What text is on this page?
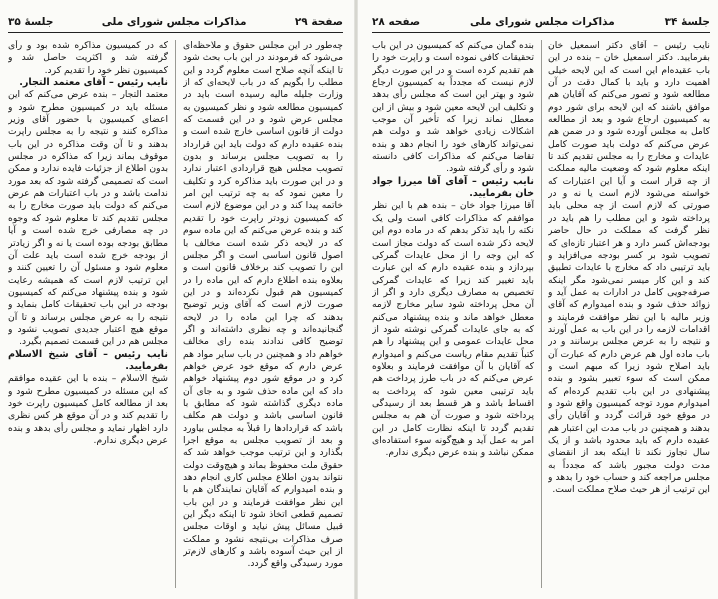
صفحة ۲۹
مذاکرات مجلس شورای ملی
جلسهٔ ۳۵

چه‌طور در این مجلس حقوق و ملاحظه‌ای می‌شود که فرمودند در این باب بحث شود تا اینکه آنچه صلاح است معلوم گردد و این مطلب را بگویم که در باب لایحه‌ای که از وزارت جلیله مالیه رسیده است باید در کمیسیون مطالعه شود و نظر کمیسیون به مجلس عرض شود و در این قسمت که دولت از قانون اساسی خارج شده است و بنده عقیده دارم که دولت باید این قرارداد را به تصویب مجلس برساند و بدون تصویب مجلس هیچ قراردادی اعتبار ندارد و در این صورت باید مذاکره کرد و تکلیف را معین نمود که به چه ترتیب این امر خاتمه پیدا کند و در این موضوع لازم است که کمیسیون زودتر راپرت خود را تقدیم کند و بنده عرض می‌کنم که این ماده سوم که در لایحه ذکر شده است مخالف با اصول قانون اساسی است و اگر مجلس این را تصویب کند برخلاف قانون است و بعلاوه بنده اطلاع دارم که این ماده را در کمیسیون هم قبول نکرده‌اند و در این صورت لازم است که آقای وزیر توضیح بدهند که چرا این ماده را در لایحه گنجانیده‌اند و چه نظری داشته‌اند و اگر توضیح کافی ندادند بنده رای مخالف خواهم داد و همچنین در باب سایر مواد هم عرض دارم که موقع خود عرض خواهم کرد و در موقع شور دوم پیشنهاد خواهم داد که این ماده حذف شود و به جای آن ماده دیگری گذاشته شود که مطابق با قانون اساسی باشد و دولت هم مکلف باشد که قراردادها را قبلاً به مجلس بیاورد و بعد از تصویب مجلس به موقع اجرا بگذارد و این ترتیب موجب خواهد شد که حقوق ملت محفوظ بماند و هیچ‌وقت دولت نتواند بدون اطلاع مجلس کاری انجام دهد و بنده امیدوارم که آقایان نمایندگان هم با این نظر موافقت فرمایند و در این باب تصمیم قطعی اتخاذ شود تا اینکه دیگر این قبیل مسائل پیش نیاید و اوقات مجلس صرف مذاکرات بی‌نتیجه نشود و مملکت از این حیث آسوده باشد و کارهای لازم‌تر مورد رسیدگی واقع گردد.

که در کمیسیون مذاکره شده بود و رأی گرفته شد و اکثریت حاصل شد و کمیسیون نظر خود را تقدیم کرد.

نایب رئیس – آقای معتمد التجار.

معتمد التجار – بنده عرض می‌کنم که این مسئله باید در کمیسیون مطرح شود و اعضای کمیسیون با حضور آقای وزیر مذاکره کنند و نتیجه را به مجلس راپرت بدهند و تا آن وقت مذاکره در این باب موقوف بماند زیرا که مذاکره در مجلس بدون اطلاع از جزئیات فایده ندارد و ممکن است که تصمیمی گرفته شود که بعد مورد ندامت باشد و در باب اعتبارات هم عرض می‌کنم که دولت باید صورت مخارج را به مجلس تقدیم کند تا معلوم شود که وجوه در چه مصارفی خرج شده است و آیا مطابق بودجه بوده است یا نه و اگر زیادتر از بودجه خرج شده است باید علت آن معلوم شود و مسئول آن را تعیین کنند و این ترتیب لازم است که همیشه رعایت شود و بنده پیشنهاد می‌کنم که کمیسیون بودجه در این باب تحقیقات کامل بنماید و نتیجه را به عرض مجلس برساند و تا آن موقع هیچ اعتبار جدیدی تصویب نشود و مجلس هم در این قسمت تصمیم بگیرد.

نایب رئیس – آقای شیخ الاسلام بفرمایید.

شیخ الاسلام – بنده با این عقیده موافقم که این مسئله در کمیسیون مطرح شود و بعد از مطالعه کامل کمیسیون راپرت خود را تقدیم کند و در آن موقع هر کس نظری دارد اظهار نماید و مجلس رأی بدهد و بنده عرض دیگری ندارم.

جلسهٔ ۳۴
مذاکرات مجلس شورای ملی
صفحه ۲۸

نایب رئیس – آقای دکتر اسمعیل خان بفرمایید. دکتر اسمعیل خان – بنده در این باب عقیده‌ام این است که این لایحه خیلی اهمیت دارد و باید با کمال دقت در آن مطالعه شود و تصور می‌کنم که آقایان هم موافق باشند که این لایحه برای شور دوم به کمیسیون ارجاع شود و بعد از مطالعه کامل به مجلس آورده شود و در ضمن هم عرض می‌کنم که دولت باید صورت کامل عایدات و مخارج را به مجلس تقدیم کند تا اینکه معلوم شود که وضعیت مالیه مملکت از چه قرار است و آیا این اعتبارات که خواسته می‌شود لازم است یا نه و در صورتی که لازم است از چه محلی باید پرداخته شود و این مطلب را هم باید در نظر گرفت که مملکت در حال حاضر بودجه‌اش کسر دارد و هر اعتبار تازه‌ای که تصویب شود بر کسر بودجه می‌افزاید و باید ترتیبی داد که مخارج با عایدات تطبیق کند و این کار میسر نمی‌شود مگر اینکه صرفه‌جویی کامل در ادارات به عمل آید و زوائد حذف شود و بنده امیدوارم که آقای وزیر مالیه با این نظر موافقت فرمایند و اقدامات لازمه را در این باب به عمل آورند و نتیجه را به عرض مجلس برسانند و در باب ماده اول هم عرض دارم که عبارت آن باید اصلاح شود زیرا که مبهم است و ممکن است که سوء تعبیر بشود و بنده پیشنهادی در این باب تقدیم کرده‌ام که امیدوارم مورد توجه کمیسیون واقع شود و در موقع خود قرائت گردد و آقایان رأی بدهند و همچنین در باب مدت این اعتبار هم عقیده دارم که باید محدود باشد و از یک سال تجاوز نکند تا اینکه بعد از انقضای مدت دولت مجبور باشد که مجدداً به مجلس مراجعه کند و حساب خود را بدهد و این ترتیب از هر حیث صلاح مملکت است.

بنده گمان می‌کنم که کمیسیون در این باب تحقیقات کافی نموده است و راپرت خود را هم تقدیم کرده است و در این صورت دیگر لازم نیست که مجدداً به کمیسیون ارجاع شود و بهتر این است که مجلس رأی بدهد و تکلیف این لایحه معین شود و بیش از این معطل نماند زیرا که تأخیر آن موجب اشکالات زیادی خواهد شد و دولت هم نمی‌تواند کارهای خود را انجام دهد و بنده تقاضا می‌کنم که مذاکرات کافی دانسته شود و رأی گرفته شود.

نایب رئیس – آقای آقا میرزا جواد خان بفرمایید.

آقا میرزا جواد خان – بنده هم با این نظر موافقم که مذاکرات کافی است ولی یک نکته را باید تذکر بدهم که در ماده دوم این لایحه ذکر شده است که دولت مجاز است که این وجه را از محل عایدات گمرکی بپردازد و بنده عقیده دارم که این عبارت باید تغییر کند زیرا که عایدات گمرکی تخصیص به مصارف دیگری دارد و اگر از آن محل پرداخته شود سایر مخارج لازمه معطل خواهد ماند و بنده پیشنهاد می‌کنم که به جای عایدات گمرکی نوشته شود از محل عایدات عمومی و این پیشنهاد را هم کتباً تقدیم مقام ریاست می‌کنم و امیدوارم که آقایان با آن موافقت فرمایند و بعلاوه عرض می‌کنم که در باب طرز پرداخت هم باید ترتیبی معین شود که پرداخت به اقساط باشد و هر قسط بعد از رسیدگی پرداخته شود و صورت آن هم به مجلس تقدیم گردد تا اینکه نظارت کامل در این امر به عمل آید و هیچ‌گونه سوء استفاده‌ای ممکن نباشد و بنده عرض دیگری ندارم.
